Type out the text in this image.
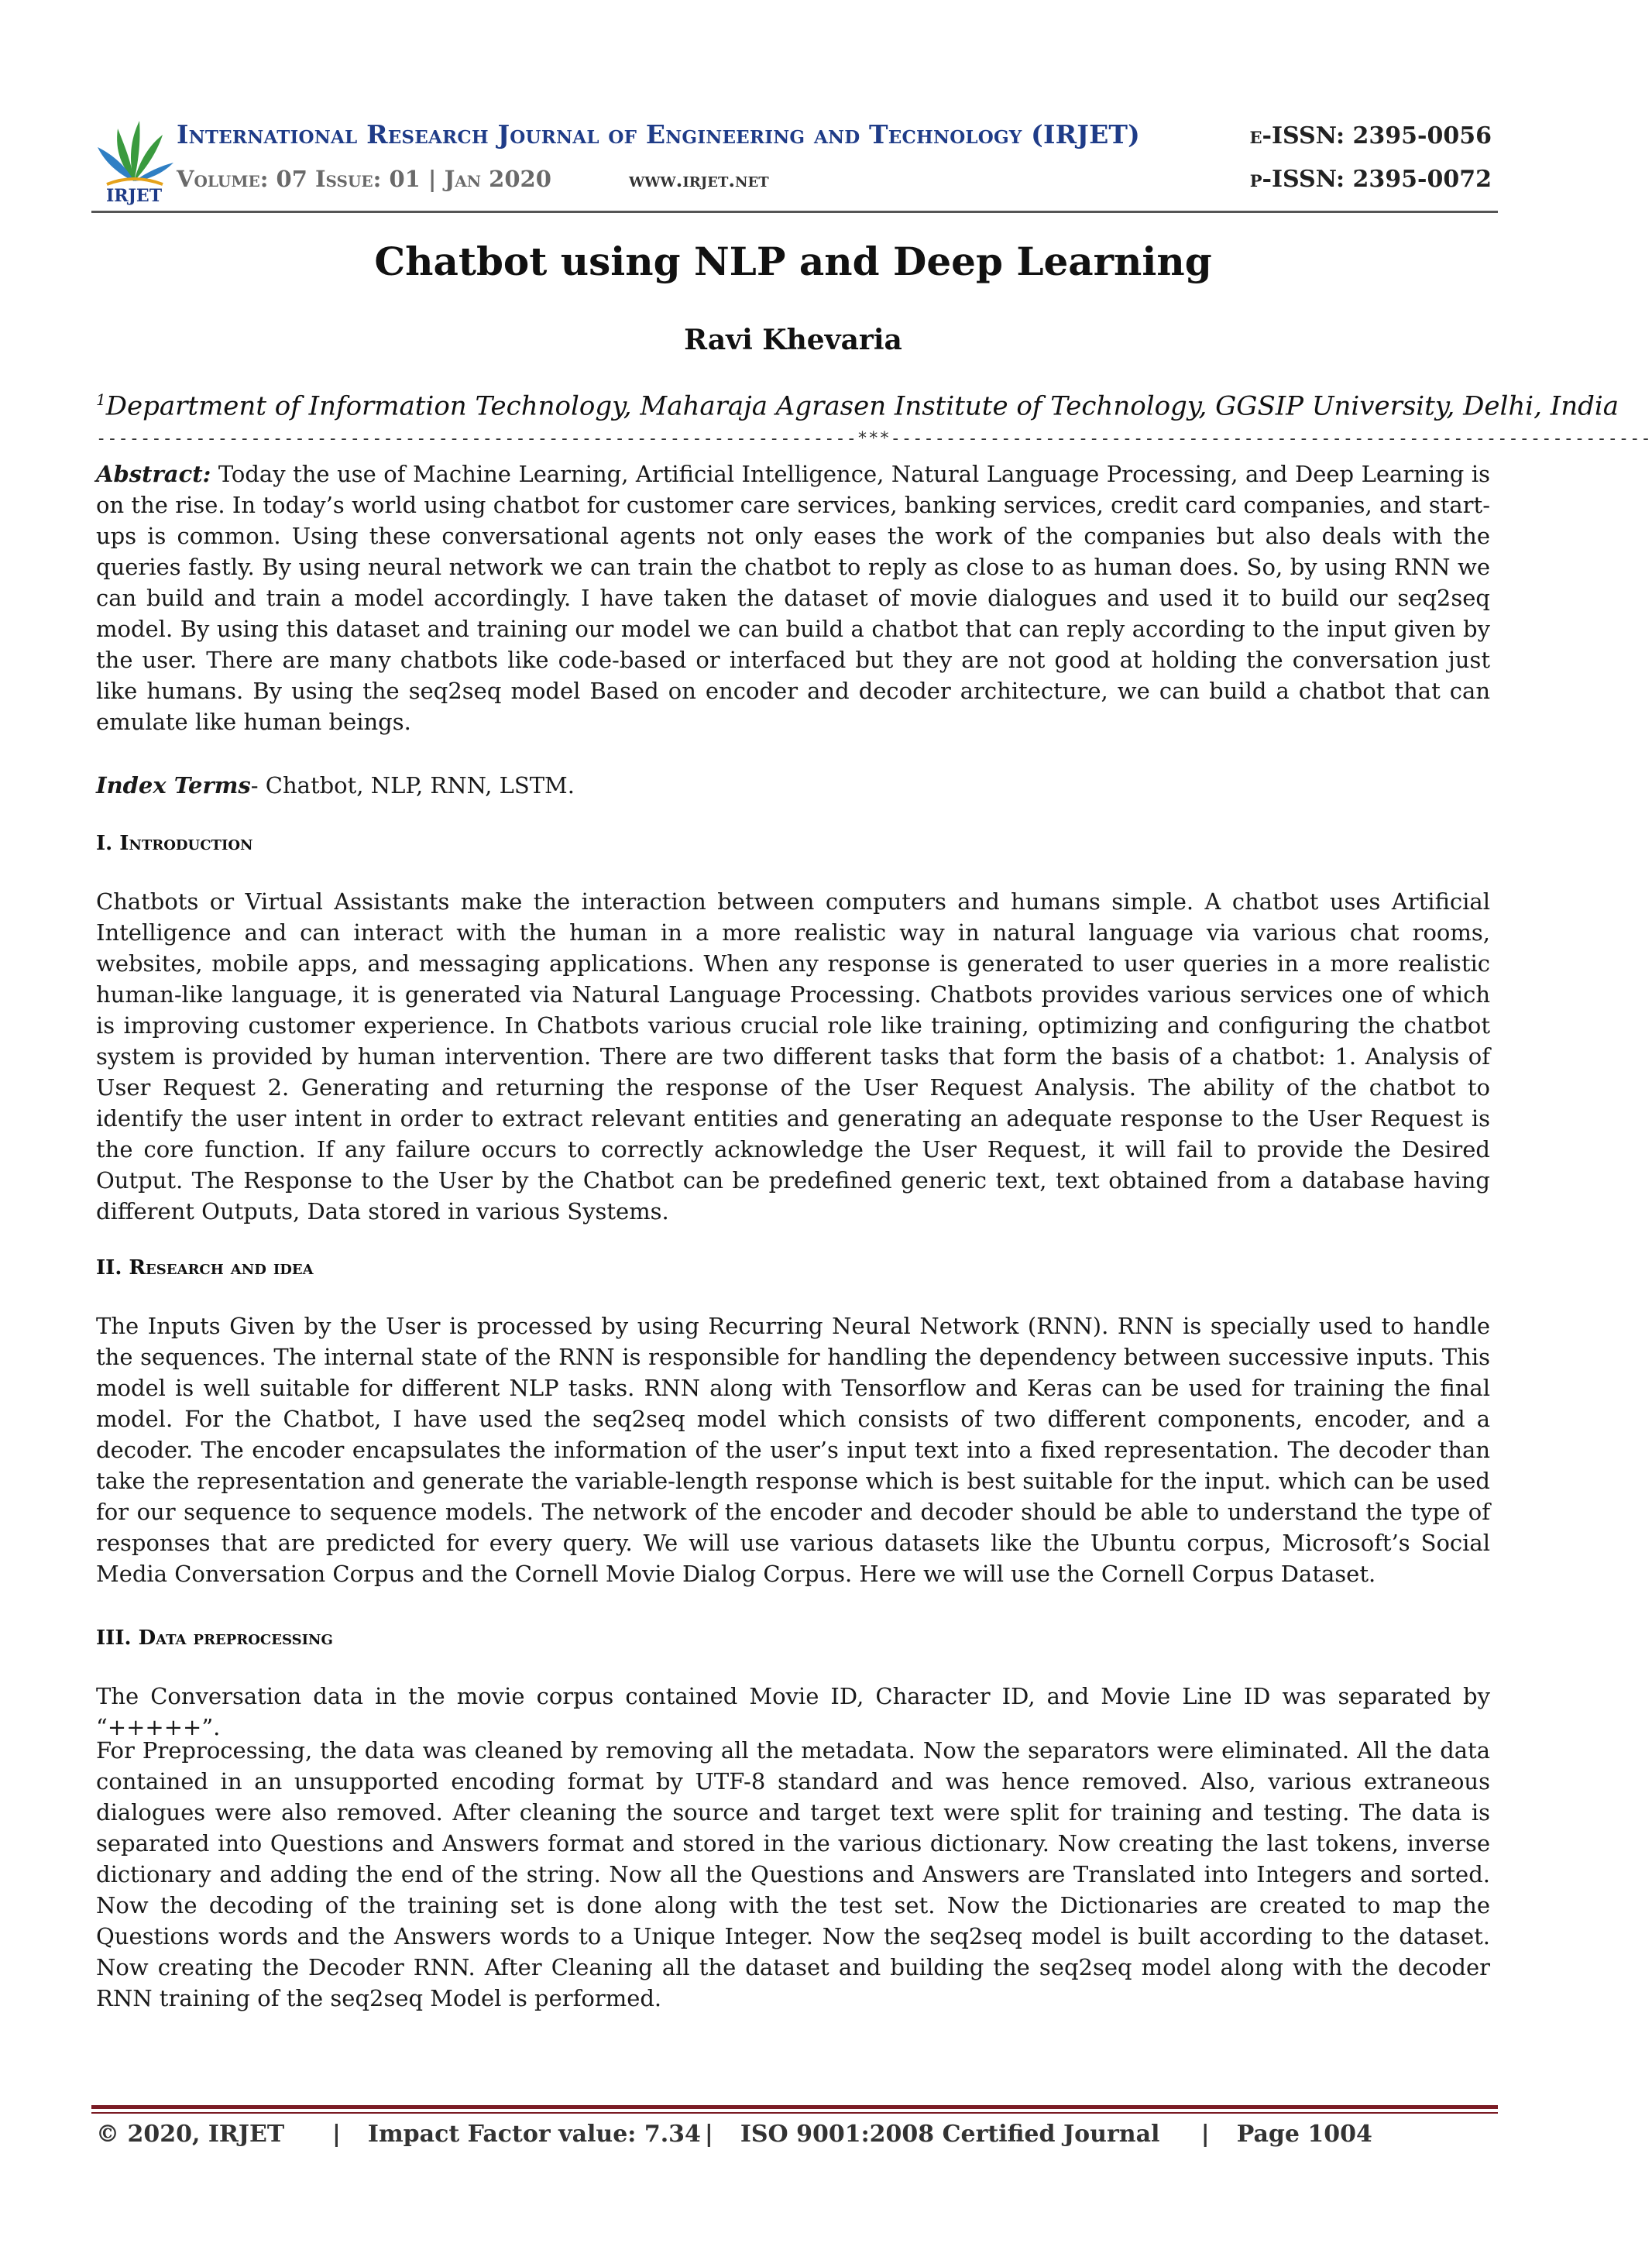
IRJET
International Research Journal of Engineering and Technology (IRJET)
Volume: 07 Issue: 01 | Jan 2020	www.irjet.net
e-ISSN: 2395-0056
p-ISSN: 2395-0072
Chatbot using NLP and Deep Learning
Ravi Khevaria
$^1$Department of Information Technology, Maharaja Agrasen Institute of Technology, GGSIP University, Delhi, India
---------------------------------------------------------------------***---------------------------------------------------------------------
Abstract: Today the use of Machine Learning, Artificial Intelligence, Natural Language Processing, and Deep Learning is on the rise. In today’s world using chatbot for customer care services, banking services, credit card companies, and start-ups is common. Using these conversational agents not only eases the work of the companies but also deals with the queries fastly. By using neural network we can train the chatbot to reply as close to as human does. So, by using RNN we can build and train a model accordingly. I have taken the dataset of movie dialogues and used it to build our seq2seq model. By using this dataset and training our model we can build a chatbot that can reply according to the input given by the user. There are many chatbots like code-based or interfaced but they are not good at holding the conversation just like humans. By using the seq2seq model Based on encoder and decoder architecture, we can build a chatbot that can emulate like human beings.
Index Terms- Chatbot, NLP, RNN, LSTM.
I. Introduction
Chatbots or Virtual Assistants make the interaction between computers and humans simple. A chatbot uses Artificial Intelligence and can interact with the human in a more realistic way in natural language via various chat rooms, websites, mobile apps, and messaging applications. When any response is generated to user queries in a more realistic human-like language, it is generated via Natural Language Processing. Chatbots provides various services one of which is improving customer experience. In Chatbots various crucial role like training, optimizing and configuring the chatbot system is provided by human intervention. There are two different tasks that form the basis of a chatbot: 1. Analysis of User Request 2. Generating and returning the response of the User Request Analysis. The ability of the chatbot to identify the user intent in order to extract relevant entities and generating an adequate response to the User Request is the core function. If any failure occurs to correctly acknowledge the User Request, it will fail to provide the Desired Output. The Response to the User by the Chatbot can be predefined generic text, text obtained from a database having different Outputs, Data stored in various Systems.
II. Research and idea
The Inputs Given by the User is processed by using Recurring Neural Network (RNN). RNN is specially used to handle the sequences. The internal state of the RNN is responsible for handling the dependency between successive inputs. This model is well suitable for different NLP tasks. RNN along with Tensorflow and Keras can be used for training the final model. For the Chatbot, I have used the seq2seq model which consists of two different components, encoder, and a decoder. The encoder encapsulates the information of the user’s input text into a fixed representation. The decoder than take the representation and generate the variable-length response which is best suitable for the input. which can be used for our sequence to sequence models. The network of the encoder and decoder should be able to understand the type of responses that are predicted for every query. We will use various datasets like the Ubuntu corpus, Microsoft’s Social Media Conversation Corpus and the Cornell Movie Dialog Corpus. Here we will use the Cornell Corpus Dataset.
III. Data preprocessing
The Conversation data in the movie corpus contained Movie ID, Character ID, and Movie Line ID was separated by “+++++”.
For Preprocessing, the data was cleaned by removing all the metadata. Now the separators were eliminated. All the data contained in an unsupported encoding format by UTF-8 standard and was hence removed. Also, various extraneous dialogues were also removed. After cleaning the source and target text were split for training and testing. The data is separated into Questions and Answers format and stored in the various dictionary. Now creating the last tokens, inverse dictionary and adding the end of the string. Now all the Questions and Answers are Translated into Integers and sorted. Now the decoding of the training set is done along with the test set. Now the Dictionaries are created to map the Questions words and the Answers words to a Unique Integer. Now the seq2seq model is built according to the dataset. Now creating the Decoder RNN. After Cleaning all the dataset and building the seq2seq model along with the decoder RNN training of the seq2seq Model is performed.
© 2020, IRJET | Impact Factor value: 7.34 | ISO 9001:2008 Certified Journal | Page 1004
